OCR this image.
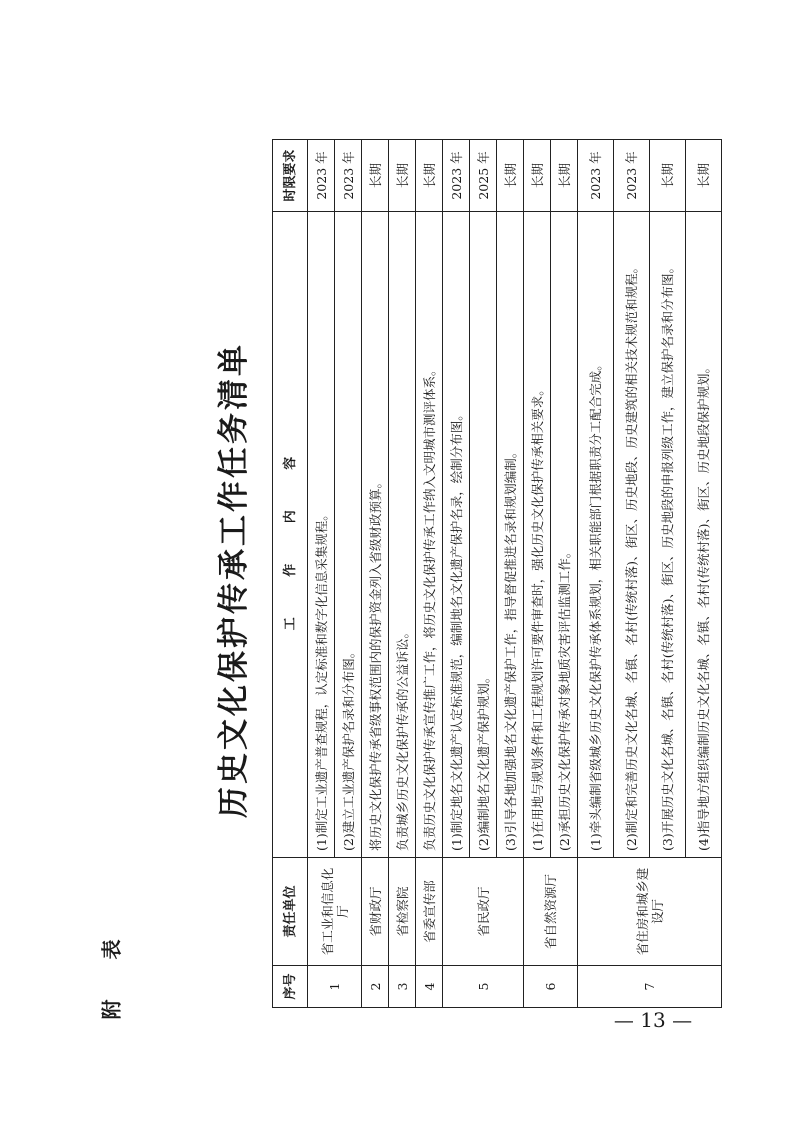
表
附
历史文化保护传承工作任务清单
序号	责任单位	工 作 内 容	时限要求
1	省工业和信息化厅	(1)制定工业遗产普查规程，认定标准和数字化信息采集规程。	2023 年
		(2)建立工业遗产保护名录和分布图。	2023 年
2	省财政厅	将历史文化保护传承省级事权范围内的保护资金列入省级财政预算。	长期
3	省检察院	负责城乡历史文化保护传承的公益诉讼。	长期
4	省委宣传部	负责历史文化保护传承宣传推广工作，将历史文化保护传承工作纳入文明城市测评体系。	长期
5	省民政厅	(1)制定地名文化遗产认定标准规范，编制地名文化遗产保护名录，绘制分布图。	2023 年
		(2)编制地名文化遗产保护规划。	2025 年
		(3)引导各地加强地名文化遗产保护工作，指导督促推进名录和规划编制。	长期
6	省自然资源厅	(1)在用地与规划条件和工程规划许可要件审查时，强化历史文化保护传承相关要求。	长期
		(2)承担历史文化保护传承对象地质灾害评估监测工作。	长期
7	省住房和城乡建设厅	(1)牵头编制省级城乡历史文化保护传承体系规划，相关职能部门根据职责分工配合完成。	2023 年
		(2)制定和完善历史文化名城、名镇、名村(传统村落)、街区、历史地段、历史建筑的相关技术规范和规程。	2023 年
		(3)开展历史文化名城、名镇、名村(传统村落)、街区、历史地段的申报列级工作，建立保护名录和分布图。	长期
		(4)指导地方组织编制历史文化名城、名镇、名村(传统村落)、街区、历史地段保护规划。	长期
— 13 —
